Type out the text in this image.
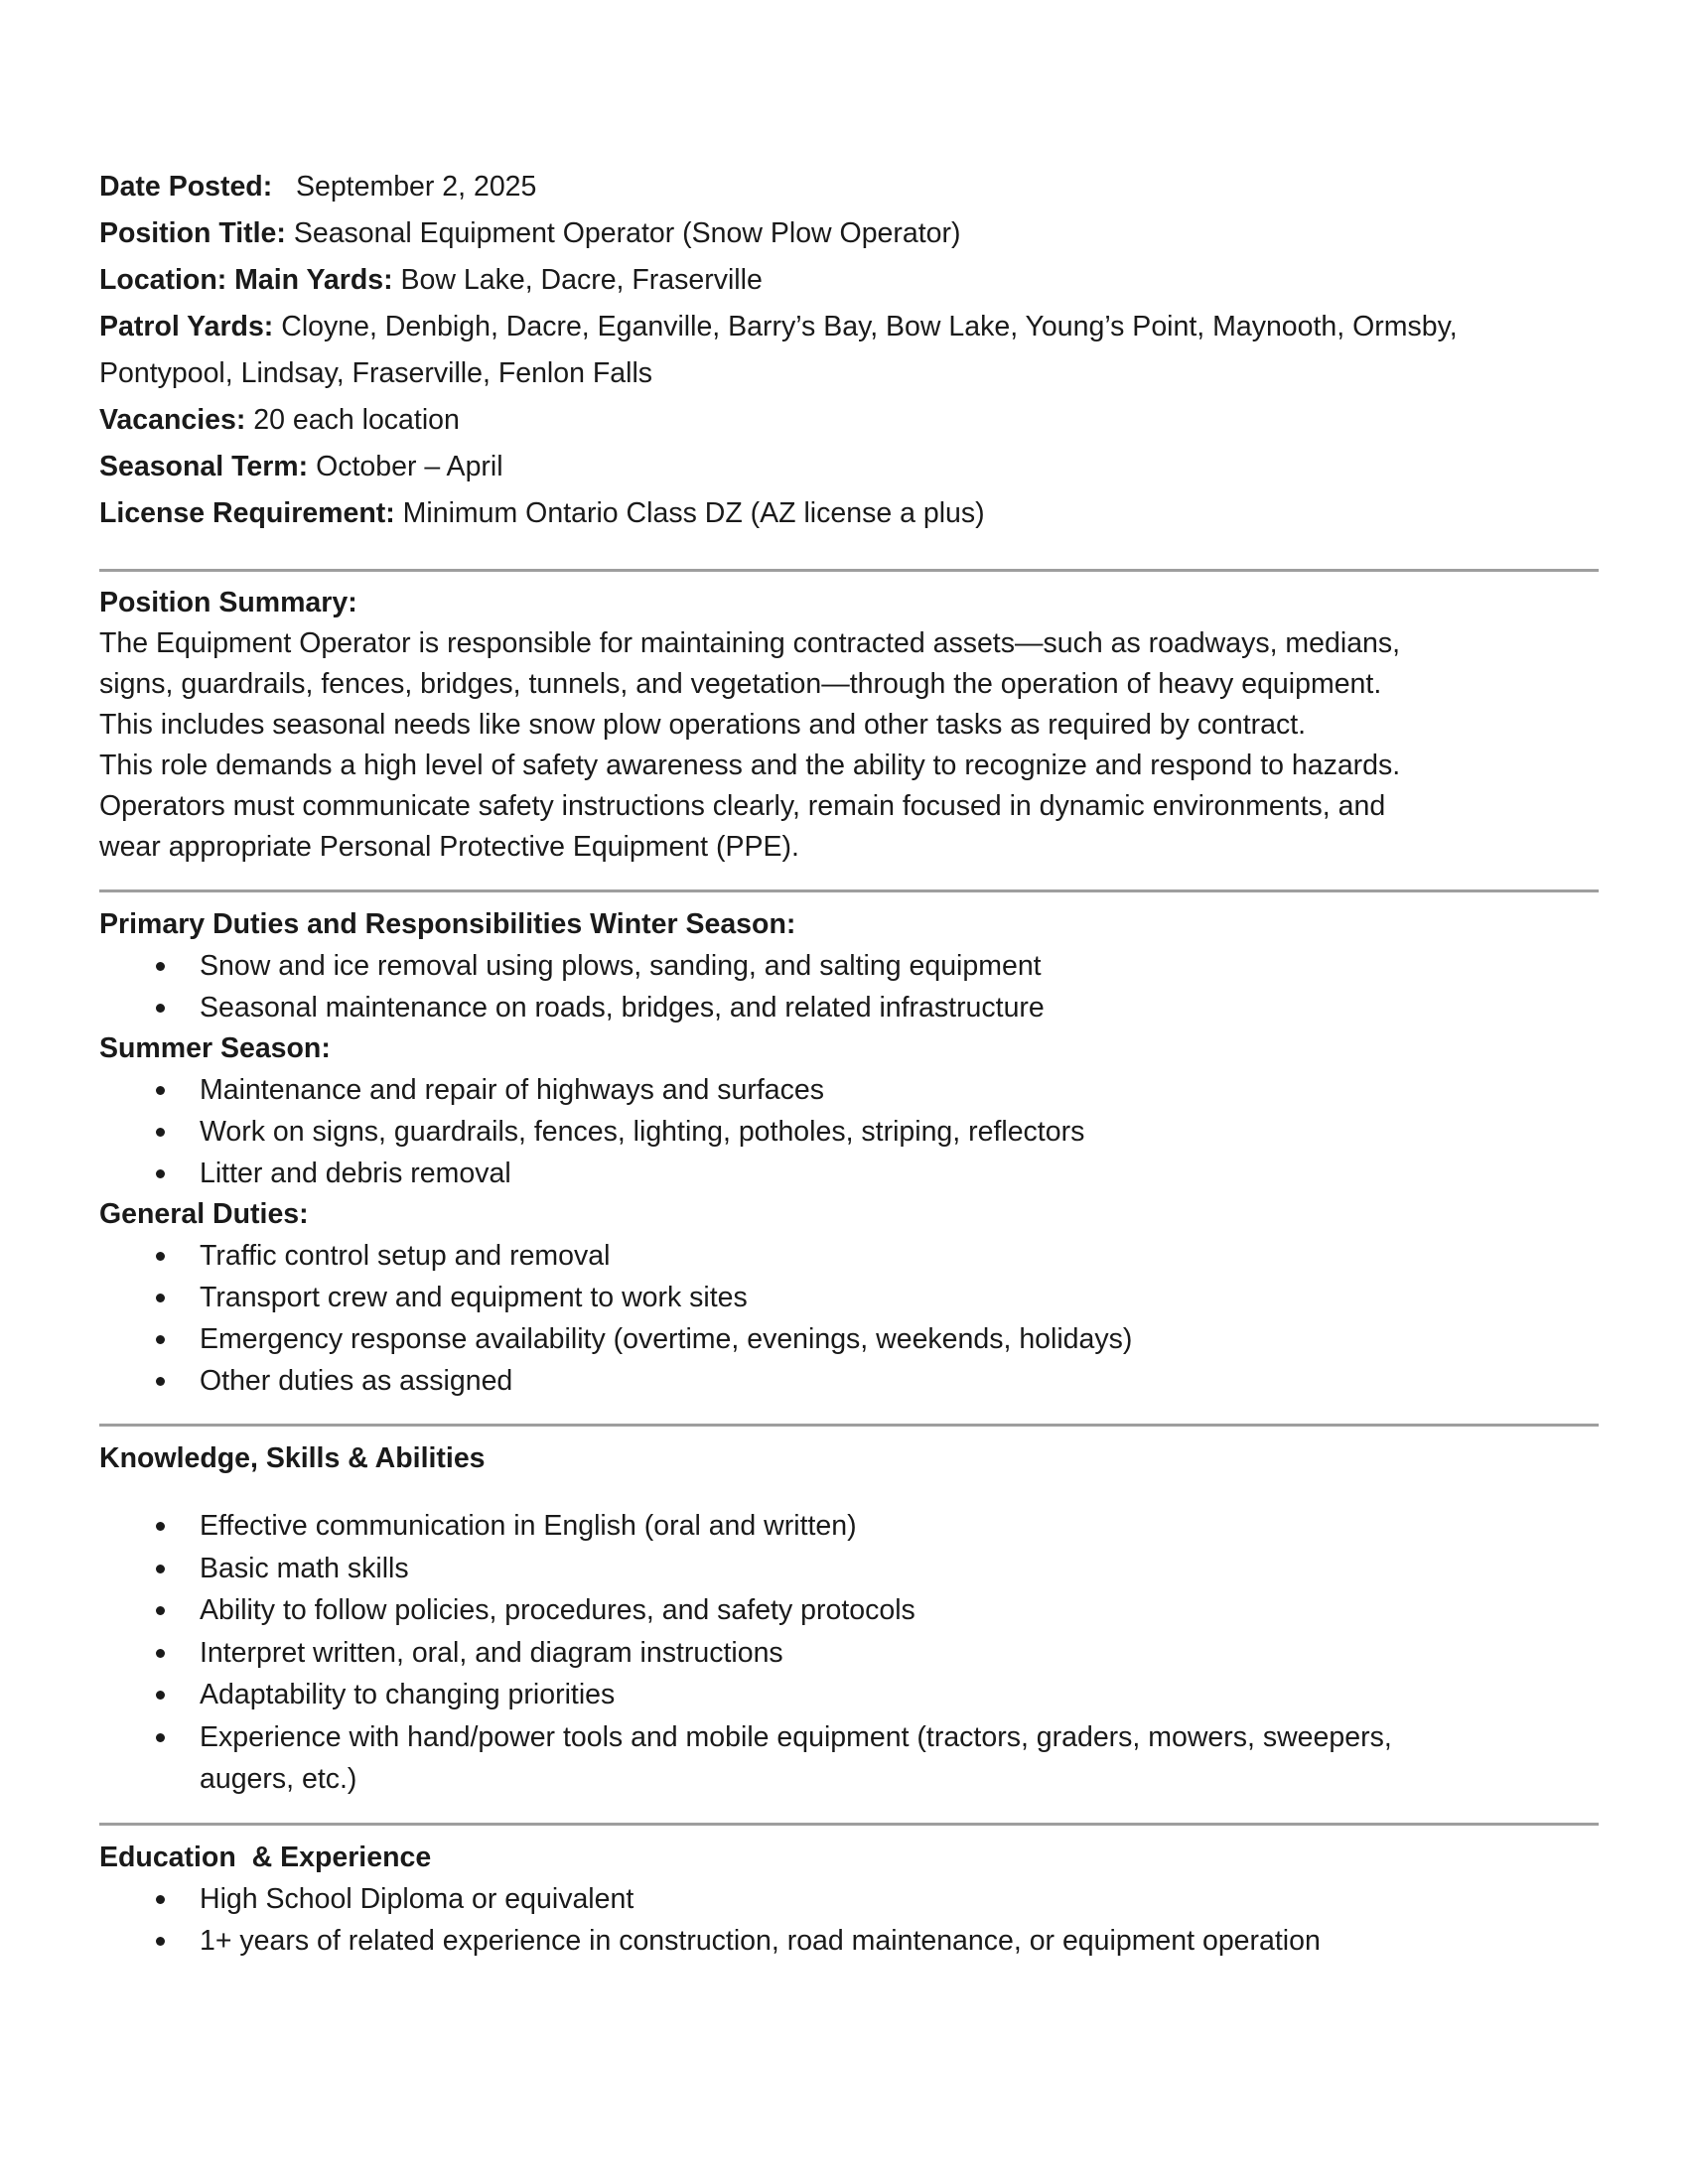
Date Posted: September 2, 2025
Position Title: Seasonal Equipment Operator (Snow Plow Operator)
Location: Main Yards: Bow Lake, Dacre, Fraserville
Patrol Yards: Cloyne, Denbigh, Dacre, Eganville, Barry’s Bay, Bow Lake, Young’s Point, Maynooth, Ormsby,
Pontypool, Lindsay, Fraserville, Fenlon Falls
Vacancies: 20 each location
Seasonal Term: October – April
License Requirement: Minimum Ontario Class DZ (AZ license a plus)
Position Summary:
The Equipment Operator is responsible for maintaining contracted assets—such as roadways, medians,
signs, guardrails, fences, bridges, tunnels, and vegetation—through the operation of heavy equipment.
This includes seasonal needs like snow plow operations and other tasks as required by contract.
This role demands a high level of safety awareness and the ability to recognize and respond to hazards.
Operators must communicate safety instructions clearly, remain focused in dynamic environments, and
wear appropriate Personal Protective Equipment (PPE).
Primary Duties and Responsibilities Winter Season:
Snow and ice removal using plows, sanding, and salting equipment
Seasonal maintenance on roads, bridges, and related infrastructure
Summer Season:
Maintenance and repair of highways and surfaces
Work on signs, guardrails, fences, lighting, potholes, striping, reflectors
Litter and debris removal
General Duties:
Traffic control setup and removal
Transport crew and equipment to work sites
Emergency response availability (overtime, evenings, weekends, holidays)
Other duties as assigned
Knowledge, Skills & Abilities
Effective communication in English (oral and written)
Basic math skills
Ability to follow policies, procedures, and safety protocols
Interpret written, oral, and diagram instructions
Adaptability to changing priorities
Experience with hand/power tools and mobile equipment (tractors, graders, mowers, sweepers,
augers, etc.)
Education  & Experience
High School Diploma or equivalent
1+ years of related experience in construction, road maintenance, or equipment operation
